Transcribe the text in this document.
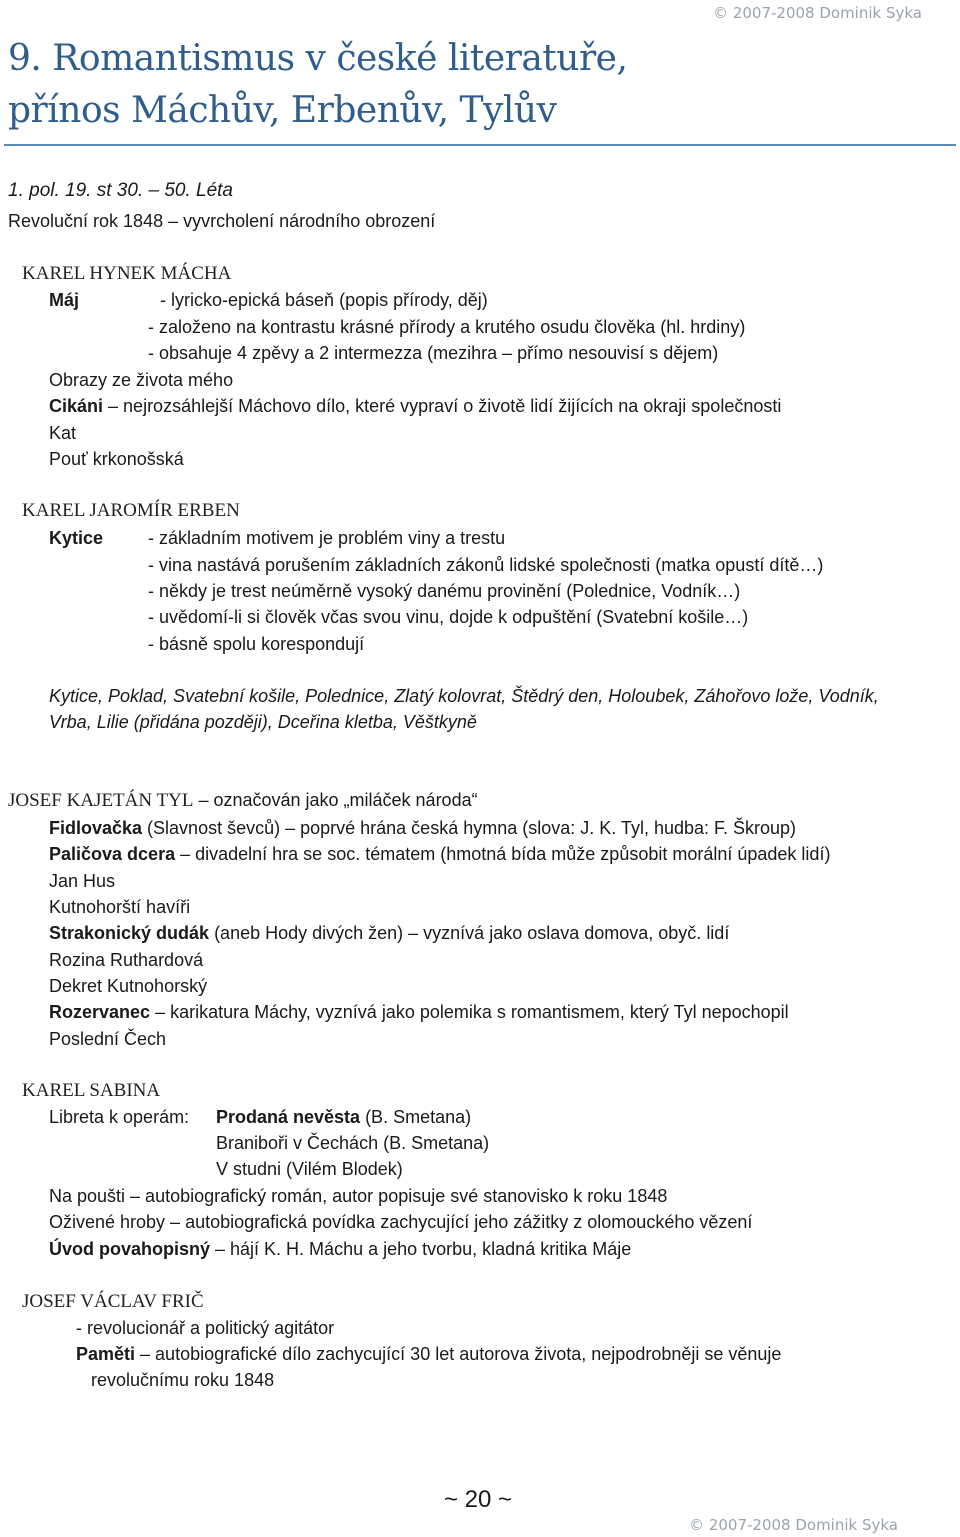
© 2007-2008 Dominik Syka
9. Romantismus v české literatuře,
přínos Máchův, Erbenův, Tylův
1. pol. 19. st 30. – 50. Léta
Revoluční rok 1848 – vyvrcholení národního obrození
KAREL HYNEK MÁCHA
Máj	- lyricko-epická báseň (popis přírody, děj)
- založeno na kontrastu krásné přírody a krutého osudu člověka (hl. hrdiny)
- obsahuje 4 zpěvy a 2 intermezza (mezihra – přímo nesouvisí s dějem)
Obrazy ze života mého
Cikáni – nejrozsáhlejší Máchovo dílo, které vypraví o životě lidí žijících na okraji společnosti
Kat
Pouť krkonošská
KAREL JAROMÍR ERBEN
Kytice - základním motivem je problém viny a trestu
- vina nastává porušením základních zákonů lidské společnosti (matka opustí dítě…)
- někdy je trest neúměrně vysoký danému provinění (Polednice, Vodník…)
- uvědomí-li si člověk včas svou vinu, dojde k odpuštění (Svatební košile…)
- básně spolu korespondují
Kytice, Poklad, Svatební košile, Polednice, Zlatý kolovrat, Štědrý den, Holoubek, Záhořovo lože, Vodník,
Vrba, Lilie (přidána později), Dceřina kletba, Věštkyně
JOSEF KAJETÁN TYL – označován jako „miláček národa“
Fidlovačka (Slavnost ševců) – poprvé hrána česká hymna (slova: J. K. Tyl, hudba: F. Škroup)
Paličova dcera – divadelní hra se soc. tématem (hmotná bída může způsobit morální úpadek lidí)
Jan Hus
Kutnohorští havíři
Strakonický dudák (aneb Hody divých žen) – vyznívá jako oslava domova, obyč. lidí
Rozina Ruthardová
Dekret Kutnohorský
Rozervanec – karikatura Máchy, vyznívá jako polemika s romantismem, který Tyl nepochopil
Poslední Čech
KAREL SABINA
Libreta k operám: Prodaná nevěsta (B. Smetana)
Braniboři v Čechách (B. Smetana)
V studni (Vilém Blodek)
Na poušti – autobiografický román, autor popisuje své stanovisko k roku 1848
Oživené hroby – autobiografická povídka zachycující jeho zážitky z olomouckého vězení
Úvod povahopisný – hájí K. H. Máchu a jeho tvorbu, kladná kritika Máje
JOSEF VÁCLAV FRIČ
- revolucionář a politický agitátor
Paměti – autobiografické dílo zachycující 30 let autorova života, nejpodrobněji se věnuje
revolučnímu roku 1848
~ 20 ~
© 2007-2008 Dominik Syka
